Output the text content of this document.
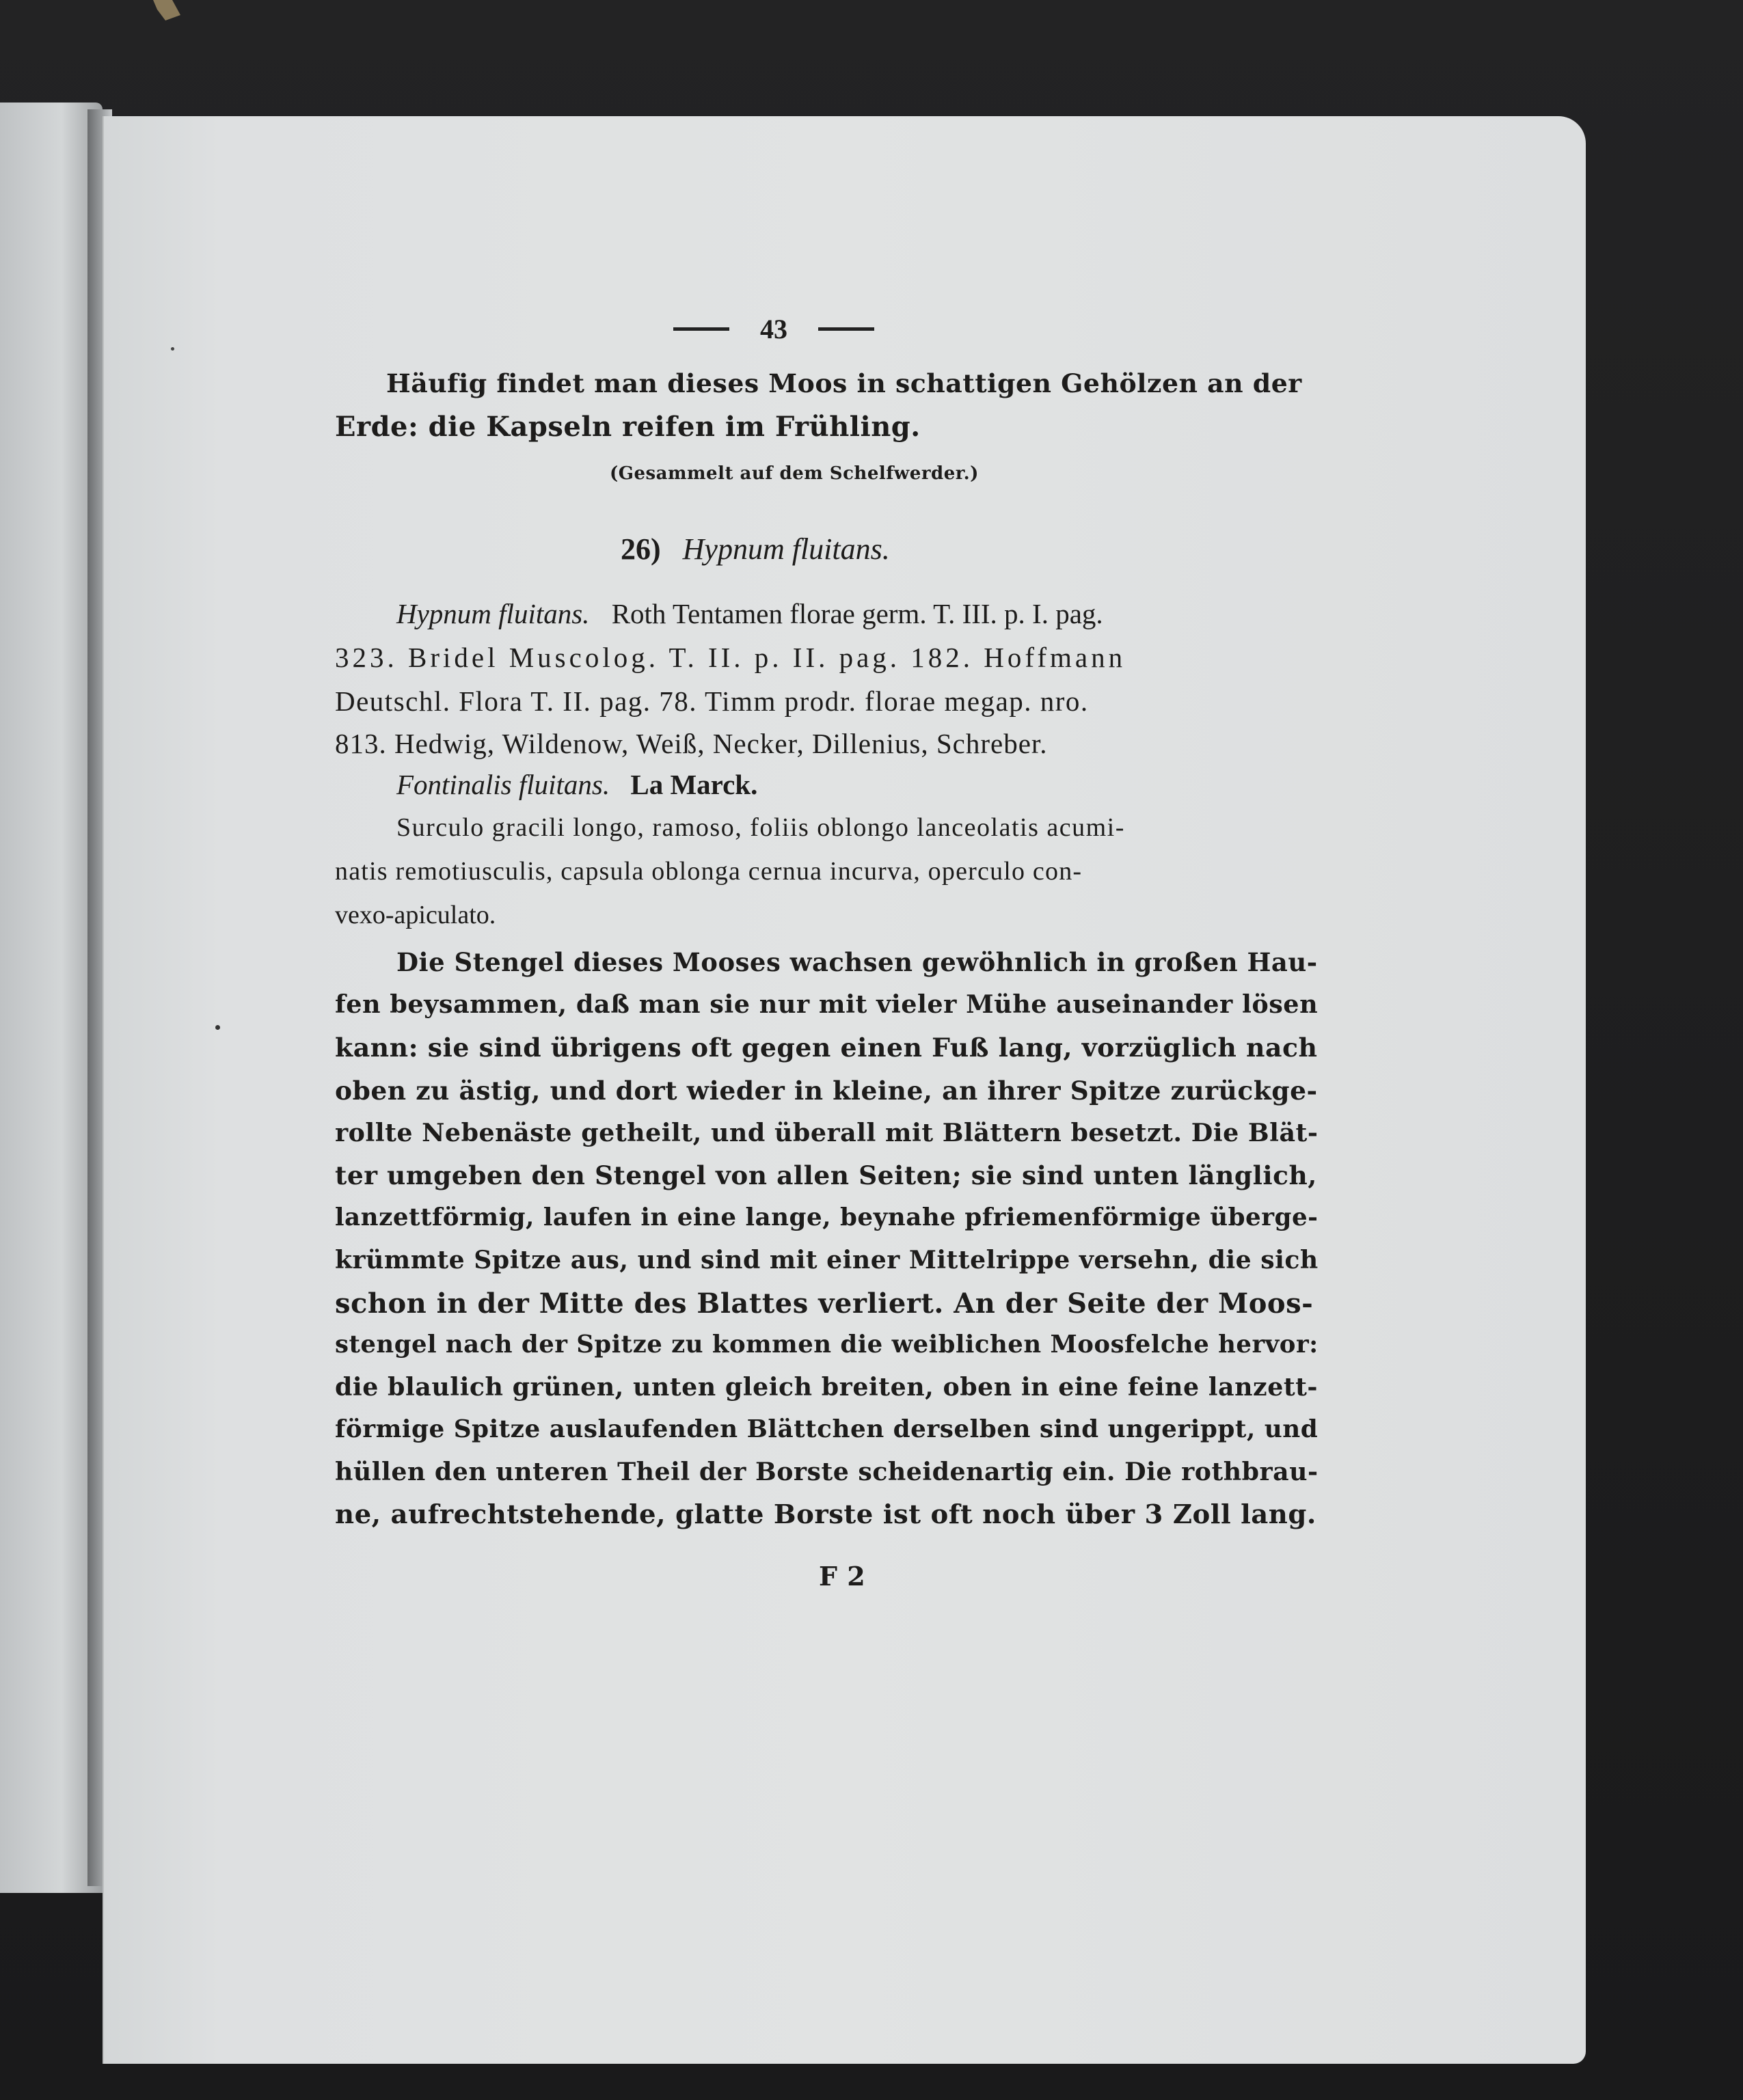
43
Häufig findet man dieses Moos in schattigen Gehölzen an der
Erde: die Kapseln reifen im Frühling.
(Gesammelt auf dem Schelfwerder.)
26) Hypnum fluitans.
Hypnum fluitans. Roth Tentamen florae germ. T. III. p. I. pag.
323. Bridel Muscolog. T. II. p. II. pag. 182. Hoffmann
Deutschl. Flora T. II. pag. 78. Timm prodr. florae megap. nro.
813. Hedwig, Wildenow, Weiß, Necker, Dillenius, Schreber.
Fontinalis fluitans. La Marck.
Surculo gracili longo, ramoso, foliis oblongo lanceolatis acumi-
natis remotiusculis, capsula oblonga cernua incurva, operculo con-
vexo-apiculato.
Die Stengel dieses Mooses wachsen gewöhnlich in großen Hau-
fen beysammen, daß man sie nur mit vieler Mühe auseinander lösen
kann: sie sind übrigens oft gegen einen Fuß lang, vorzüglich nach
oben zu ästig, und dort wieder in kleine, an ihrer Spitze zurückge-
rollte Nebenäste getheilt, und überall mit Blättern besetzt. Die Blät-
ter umgeben den Stengel von allen Seiten; sie sind unten länglich,
lanzettförmig, laufen in eine lange, beynahe pfriemenförmige überge-
krümmte Spitze aus, und sind mit einer Mittelrippe versehn, die sich
schon in der Mitte des Blattes verliert. An der Seite der Moos-
stengel nach der Spitze zu kommen die weiblichen Moosfelche hervor:
die blaulich grünen, unten gleich breiten, oben in eine feine lanzett-
förmige Spitze auslaufenden Blättchen derselben sind ungerippt, und
hüllen den unteren Theil der Borste scheidenartig ein. Die rothbrau-
ne, aufrechtstehende, glatte Borste ist oft noch über 3 Zoll lang.
F 2
